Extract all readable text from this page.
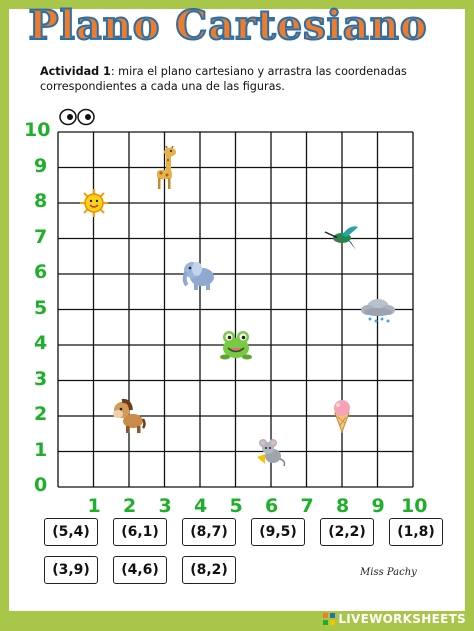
Plano Cartesiano
Actividad 1: mira el plano cartesiano y arrastra las coordenadas correspondientes a cada una de las figuras.
10
9
8
7
6
5
4
3
2
1
0
1 2 3 4 5 6 7 8 9 10
(5,4)	(6,1)	(8,7)	(9,5)	(2,2)	(1,8)
(3,9)	(4,6)	(8,2)	Miss Pachy
LIVEWORKSHEETS
